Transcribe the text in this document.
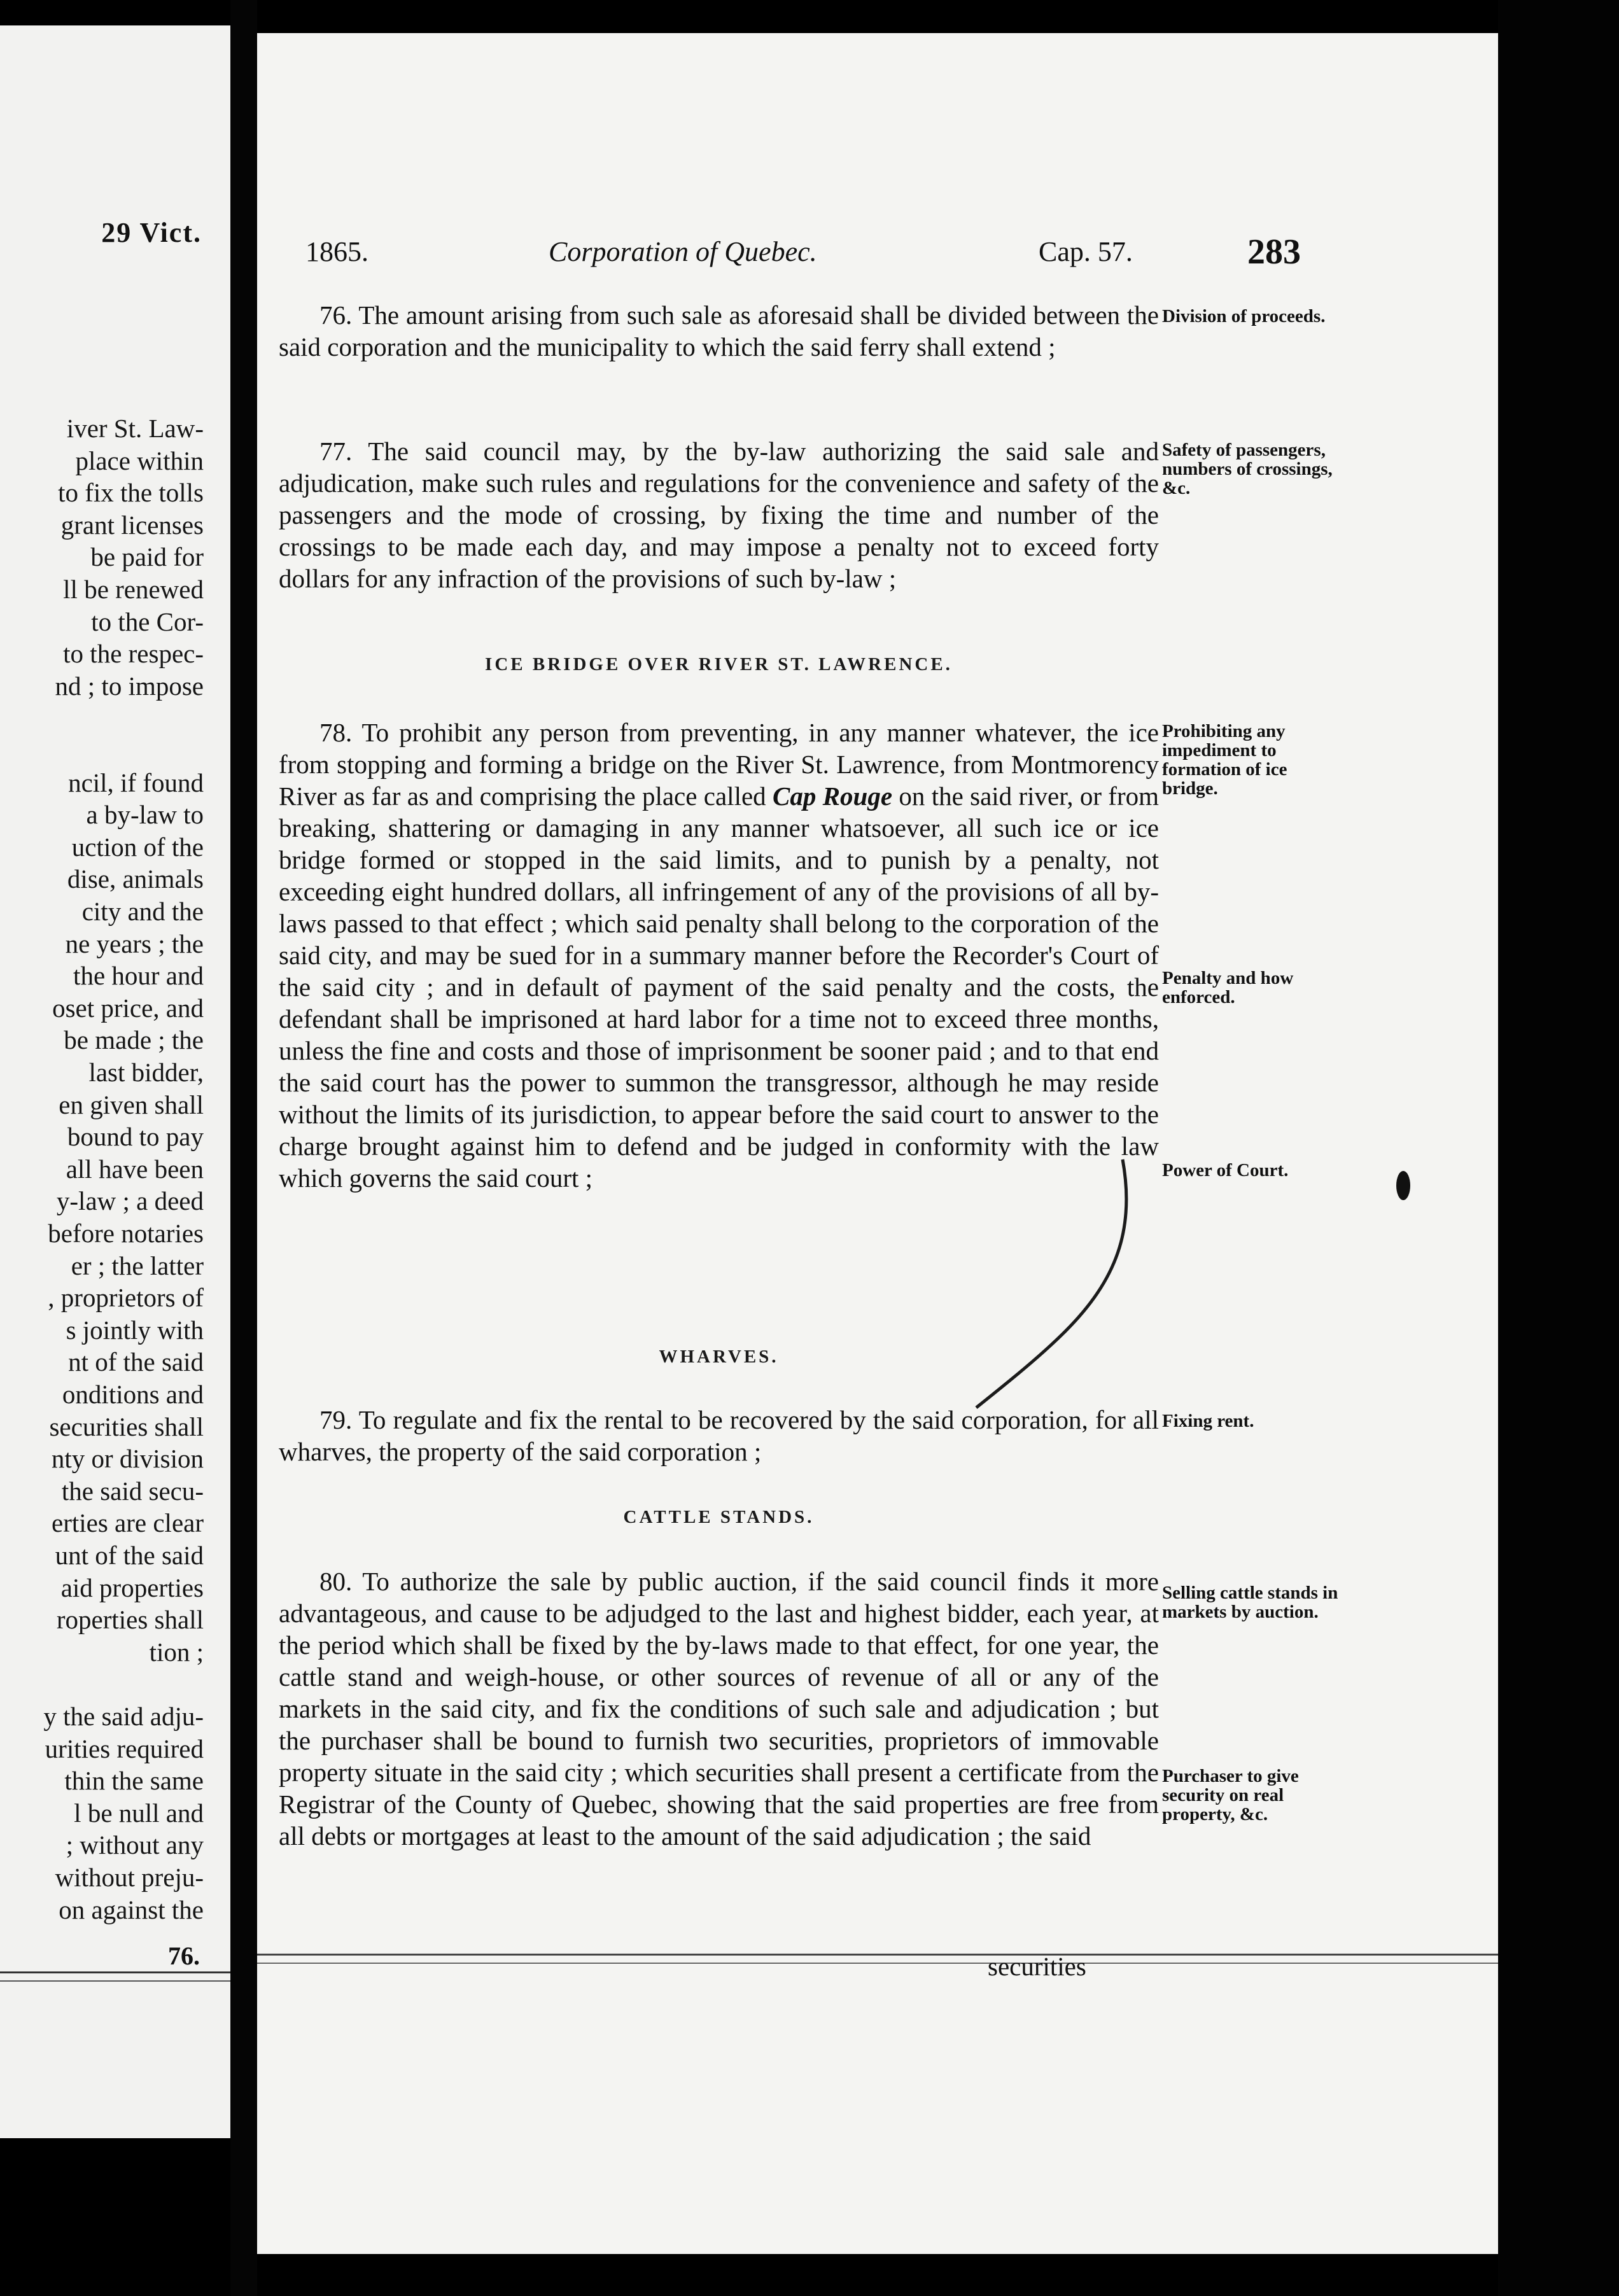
29 Vict.
iver St. Law-
place within
to fix the tolls
grant licenses
be paid for
ll be renewed
to the Cor-
to the respec-
nd ; to impose
ncil, if found
a by-law to
uction of the
dise, animals
city and the
ne years ; the
the hour and
oset price, and
be made ; the
last bidder,
en given shall
bound to pay
all have been
y-law ; a deed
before notaries
er ; the latter
, proprietors of
s jointly with
nt of the said
onditions and
securities shall
nty or division
the said secu-
erties are clear
unt of the said
aid properties
roperties shall
tion ;
y the said adju-
urities required
thin the same
l be null and
; without any
without preju-
on against the
76.
1865.	Corporation of Quebec.	Cap. 57.	283

76. The amount arising from such sale as aforesaid shall be divided between the said corporation and the municipality to which the said ferry shall extend ;

Division of proceeds.

77. The said council may, by the by-law authorizing the said sale and adjudication, make such rules and regulations for the convenience and safety of the passengers and the mode of crossing, by fixing the time and number of the crossings to be made each day, and may impose a penalty not to exceed forty dollars for any infraction of the provisions of such by-law ;

Safety of passengers, numbers of crossings, &c.
ICE BRIDGE OVER RIVER ST. LAWRENCE.

78. To prohibit any person from preventing, in any manner whatever, the ice from stopping and forming a bridge on the River St. Lawrence, from Montmorency River as far as and comprising the place called Cap Rouge on the said river, or from breaking, shattering or damaging in any manner whatsoever, all such ice or ice bridge formed or stopped in the said limits, and to punish by a penalty, not exceeding eight hundred dollars, all infringement of any of the provisions of all by-laws passed to that effect ; which said penalty shall belong to the corporation of the said city, and may be sued for in a summary manner before the Recorder's Court of the said city ; and in default of payment of the said penalty and the costs, the defendant shall be imprisoned at hard labor for a time not to exceed three months, unless the fine and costs and those of imprisonment be sooner paid ; and to that end the said court has the power to summon the transgressor, although he may reside without the limits of its jurisdiction, to appear before the said court to answer to the charge brought against him to defend and be judged in conformity with the law which governs the said court ;

Prohibiting any impediment to formation of ice bridge.
Penalty and how enforced.
Power of Court.
WHARVES.

79. To regulate and fix the rental to be recovered by the said corporation, for all wharves, the property of the said corporation ;

Fixing rent.
CATTLE STANDS.

80. To authorize the sale by public auction, if the said council finds it more advantageous, and cause to be adjudged to the last and highest bidder, each year, at the period which shall be fixed by the by-laws made to that effect, for one year, the cattle stand and weigh-house, or other sources of revenue of all or any of the markets in the said city, and fix the conditions of such sale and adjudication ; but the purchaser shall be bound to furnish two securities, proprietors of immovable property situate in the said city ; which securities shall present a certificate from the Registrar of the County of Quebec, showing that the said properties are free from all debts or mortgages at least to the amount of the said adjudication ; the said

Selling cattle stands in markets by auction.
Purchaser to give security on real property, &c.
securities
